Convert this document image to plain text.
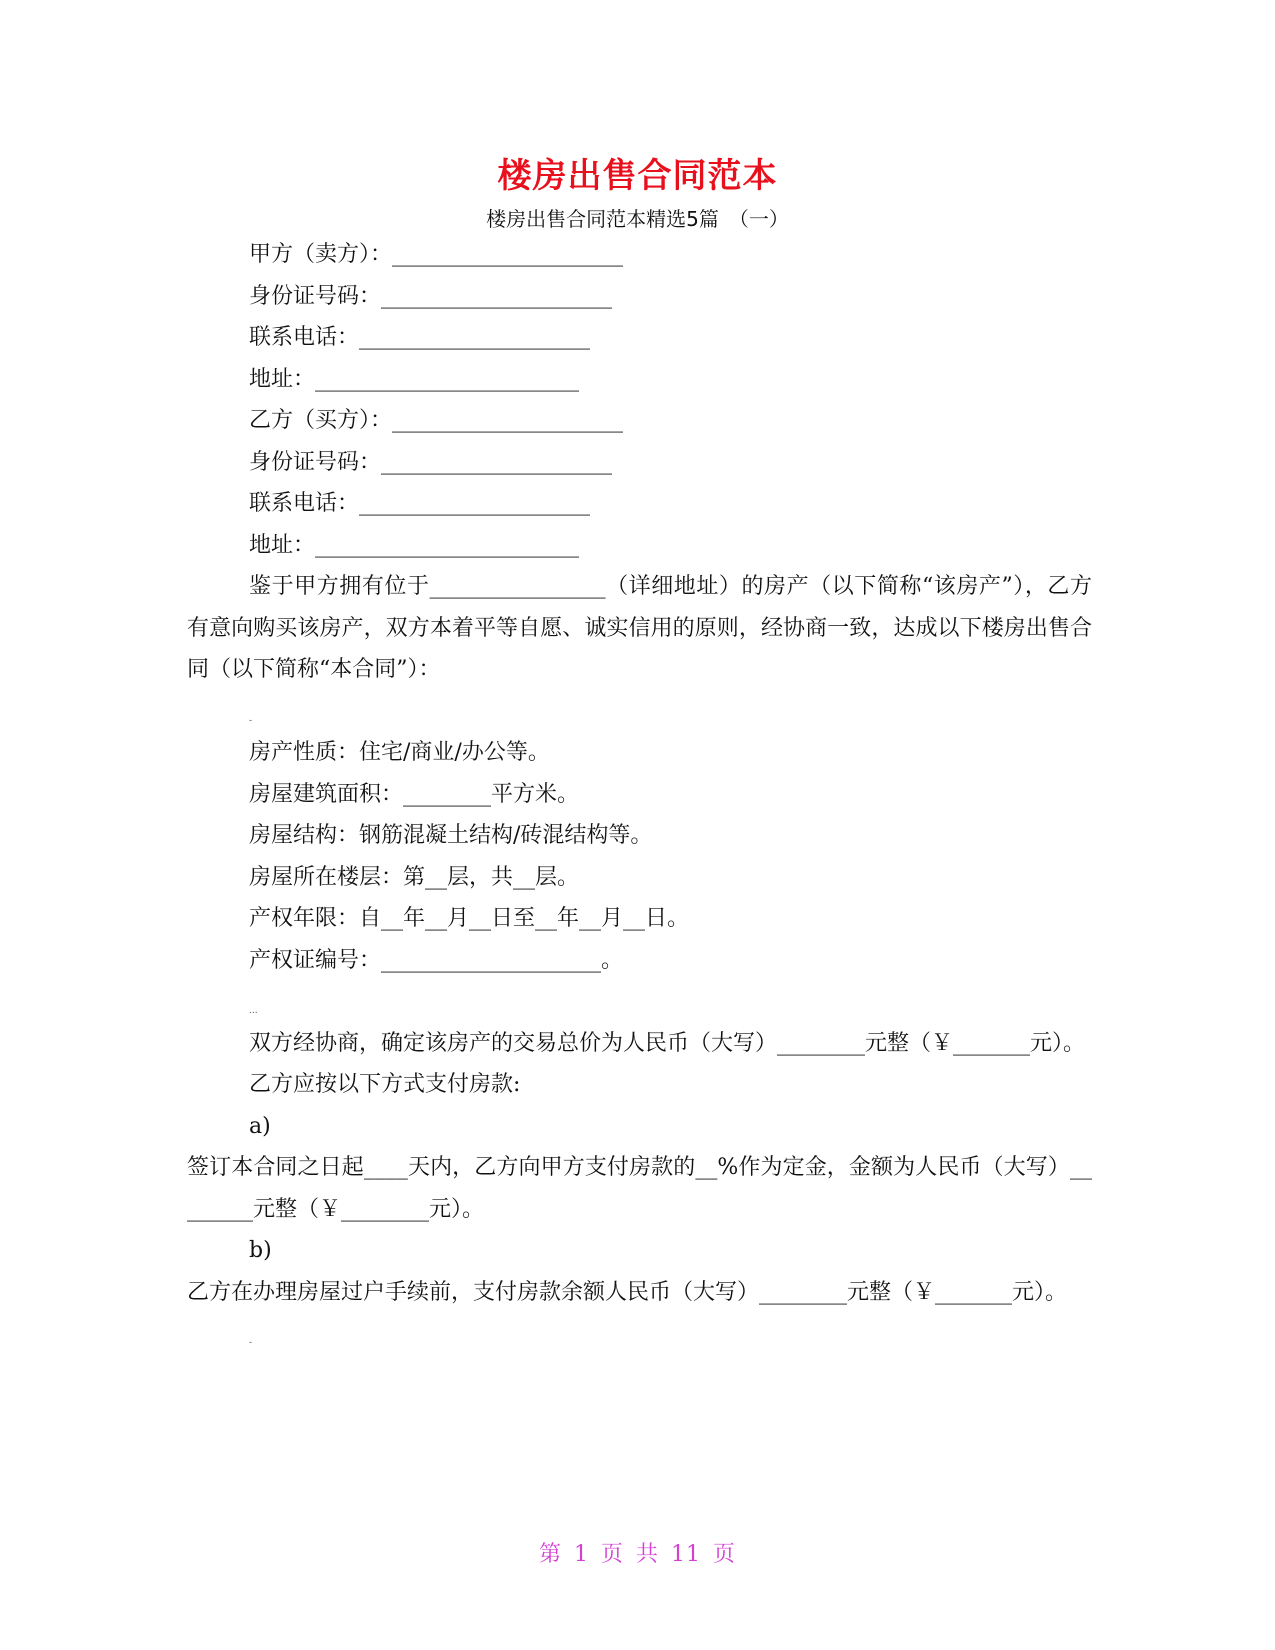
楼房出售合同范本
楼房出售合同范本精选5篇　（一）
甲方（卖方）：_____________________
身份证号码：_____________________
联系电话：_____________________
地址：________________________
乙方（买方）：_____________________
身份证号码：_____________________
联系电话：_____________________
地址：________________________
鉴于甲方拥有位于________________（详细地址）的房产（以下简称“该房产”），乙方有意向购买该房产，双方本着平等自愿、诚实信用的原则，经协商一致，达成以下楼房出售合同（以下简称“本合同”）：
-
房产性质：住宅/商业/办公等。
房屋建筑面积：________平方米。
房屋结构：钢筋混凝土结构/砖混结构等。
房屋所在楼层：第__层，共__层。
产权年限：自__年__月__日至__年__月__日。
产权证编号：____________________。
...
双方经协商，确定该房产的交易总价为人民币（大写）________元整（￥_______元）。
乙方应按以下方式支付房款:
a)
签订本合同之日起____天内，乙方向甲方支付房款的__%作为定金，金额为人民币（大写）________元整（￥________元）。
b)
乙方在办理房屋过户手续前，支付房款余额人民币（大写）________元整（￥_______元）。
-
第 1 页 共 11 页
